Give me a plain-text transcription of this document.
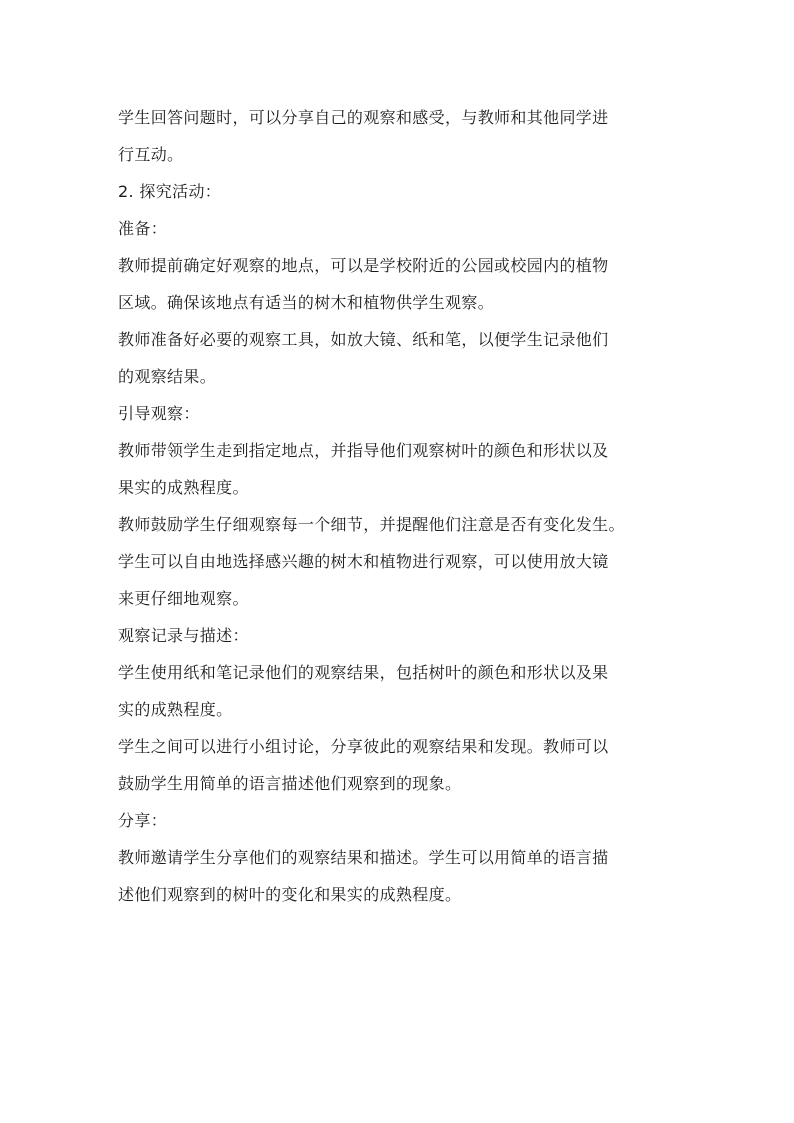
学生回答问题时，可以分享自己的观察和感受，与教师和其他同学进
行互动。
2. 探究活动：
准备：
教师提前确定好观察的地点，可以是学校附近的公园或校园内的植物
区域。确保该地点有适当的树木和植物供学生观察。
教师准备好必要的观察工具，如放大镜、纸和笔，以便学生记录他们
的观察结果。
引导观察：
教师带领学生走到指定地点，并指导他们观察树叶的颜色和形状以及
果实的成熟程度。
教师鼓励学生仔细观察每一个细节，并提醒他们注意是否有变化发生。
学生可以自由地选择感兴趣的树木和植物进行观察，可以使用放大镜
来更仔细地观察。
观察记录与描述：
学生使用纸和笔记录他们的观察结果，包括树叶的颜色和形状以及果
实的成熟程度。
学生之间可以进行小组讨论，分享彼此的观察结果和发现。教师可以
鼓励学生用简单的语言描述他们观察到的现象。
分享：
教师邀请学生分享他们的观察结果和描述。学生可以用简单的语言描
述他们观察到的树叶的变化和果实的成熟程度。
